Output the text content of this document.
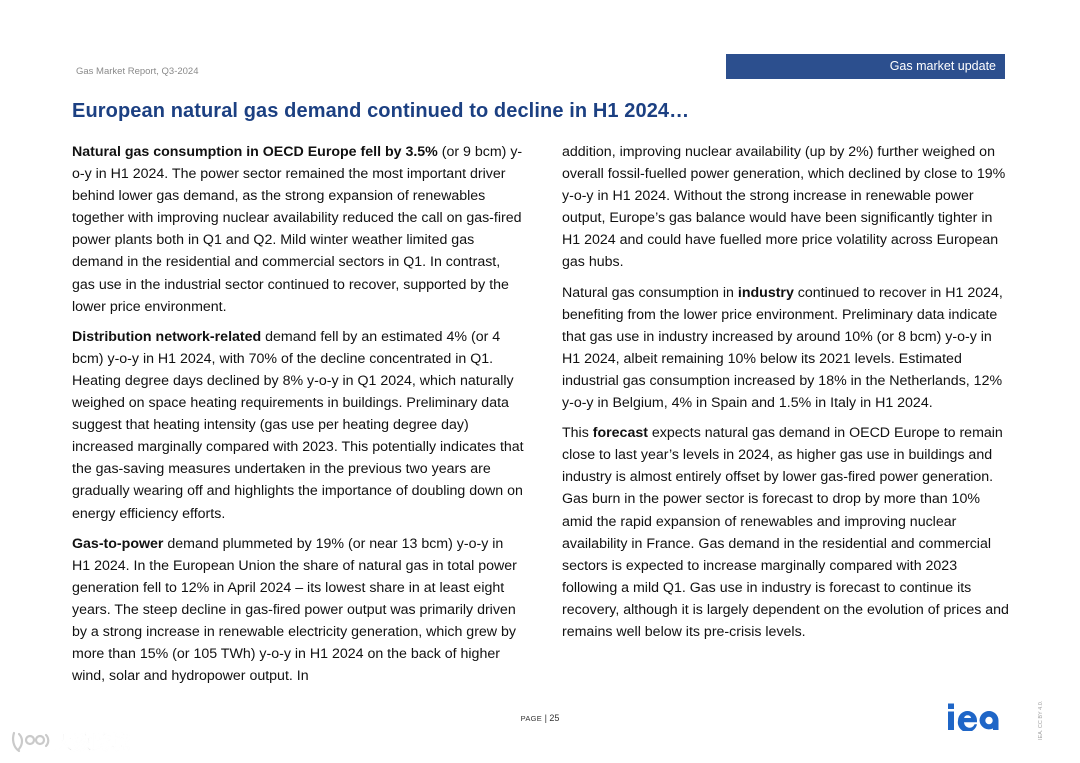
Gas Market Report, Q3-2024	Gas market update
European natural gas demand continued to decline in H1 2024…

Natural gas consumption in OECD Europe fell by 3.5% (or 9 bcm) y-o-y in H1 2024. The power sector remained the most important driver behind lower gas demand, as the strong expansion of renewables together with improving nuclear availability reduced the call on gas-fired power plants both in Q1 and Q2. Mild winter weather limited gas demand in the residential and commercial sectors in Q1. In contrast, gas use in the industrial sector continued to recover, supported by the lower price environment.

Distribution network-related demand fell by an estimated 4% (or 4 bcm) y-o-y in H1 2024, with 70% of the decline concentrated in Q1. Heating degree days declined by 8% y-o-y in Q1 2024, which naturally weighed on space heating requirements in buildings. Preliminary data suggest that heating intensity (gas use per heating degree day) increased marginally compared with 2023. This potentially indicates that the gas-saving measures undertaken in the previous two years are gradually wearing off and highlights the importance of doubling down on energy efficiency efforts.

Gas-to-power demand plummeted by 19% (or near 13 bcm) y-o-y in H1 2024. In the European Union the share of natural gas in total power generation fell to 12% in April 2024 – its lowest share in at least eight years. The steep decline in gas-fired power output was primarily driven by a strong increase in renewable electricity generation, which grew by more than 15% (or 105 TWh) y-o-y in H1 2024 on the back of higher wind, solar and hydropower output. In

addition, improving nuclear availability (up by 2%) further weighed on overall fossil-fuelled power generation, which declined by close to 19% y-o-y in H1 2024. Without the strong increase in renewable power output, Europe’s gas balance would have been significantly tighter in H1 2024 and could have fuelled more price volatility across European gas hubs.

Natural gas consumption in industry continued to recover in H1 2024, benefiting from the lower price environment. Preliminary data indicate that gas use in industry increased by around 10% (or 8 bcm) y-o-y in H1 2024, albeit remaining 10% below its 2021 levels. Estimated industrial gas consumption increased by 18% in the Netherlands, 12% y-o-y in Belgium, 4% in Spain and 1.5% in Italy in H1 2024.

This forecast expects natural gas demand in OECD Europe to remain close to last year’s levels in 2024, as higher gas use in buildings and industry is almost entirely offset by lower gas-fired power generation. Gas burn in the power sector is forecast to drop by more than 10% amid the rapid expansion of renewables and improving nuclear availability in France. Gas demand in the residential and commercial sectors is expected to increase marginally compared with 2023 following a mild Q1. Gas use in industry is forecast to continue its recovery, although it is largely dependent on the evolution of prices and remains well below its pre-crisis levels.

PAGE | 25	IEA. CC BY 4.0.
大数跨境
